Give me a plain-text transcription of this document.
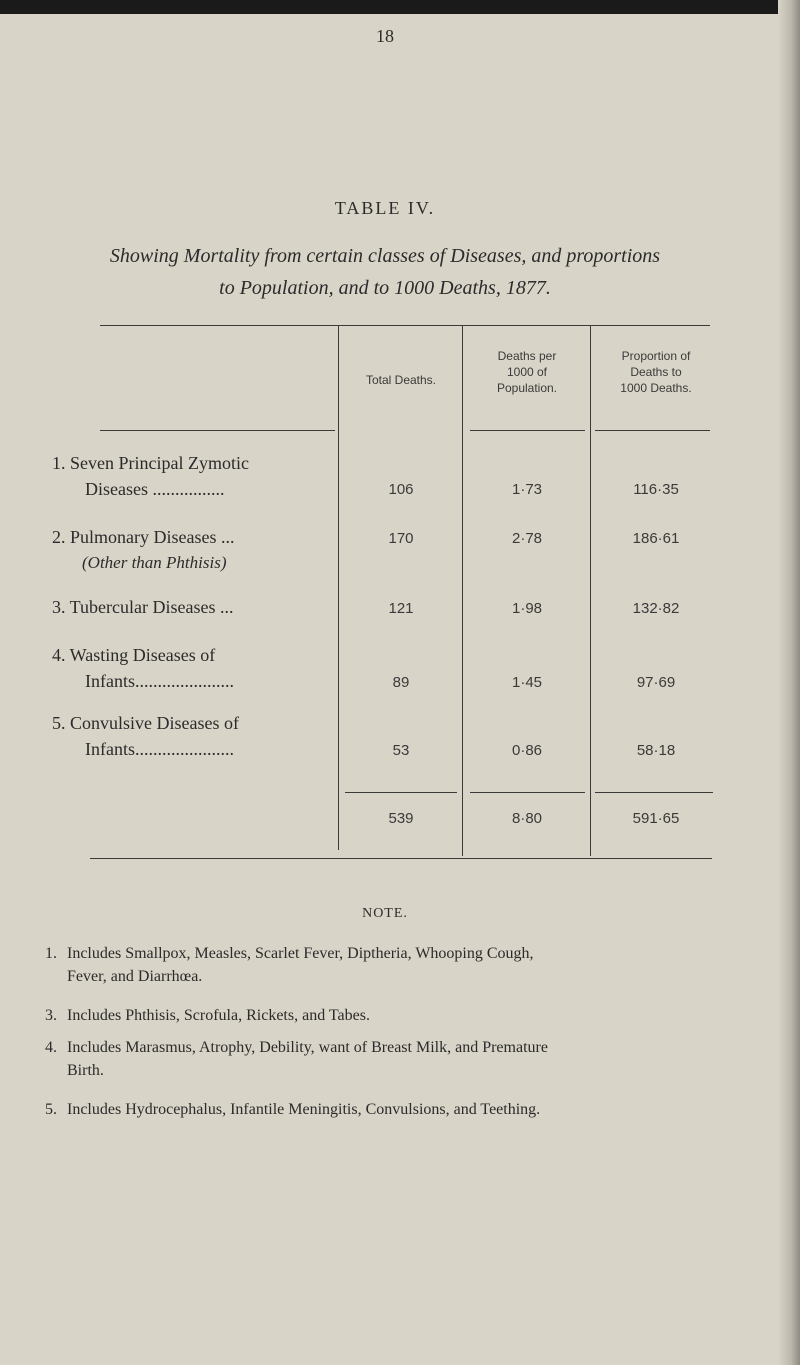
18
TABLE IV.
Showing Mortality from certain classes of Diseases, and proportions
to Population, and to 1000 Deaths, 1877.
Total Deaths.
Deaths per
1000 of
Population.
Proportion of
Deaths to
1000 Deaths.
1. Seven Principal Zymotic
Diseases ................	106	1·73	116·35
2. Pulmonary Diseases ...
(Other than Phthisis)
170	2·78	186·61
3. Tubercular Diseases ...	121	1·98	132·82
4. Wasting Diseases of
Infants......................	89	1·45	97·69
5. Convulsive Diseases of
Infants......................	53	0·86	58·18
539	8·80	591·65
NOTE.
1. Includes Smallpox, Measles, Scarlet Fever, Diptheria, Whooping Cough,
Fever, and Diarrhœa.
3. Includes Phthisis, Scrofula, Rickets, and Tabes.
4. Includes Marasmus, Atrophy, Debility, want of Breast Milk, and Premature
Birth.
5. Includes Hydrocephalus, Infantile Meningitis, Convulsions, and Teething.
